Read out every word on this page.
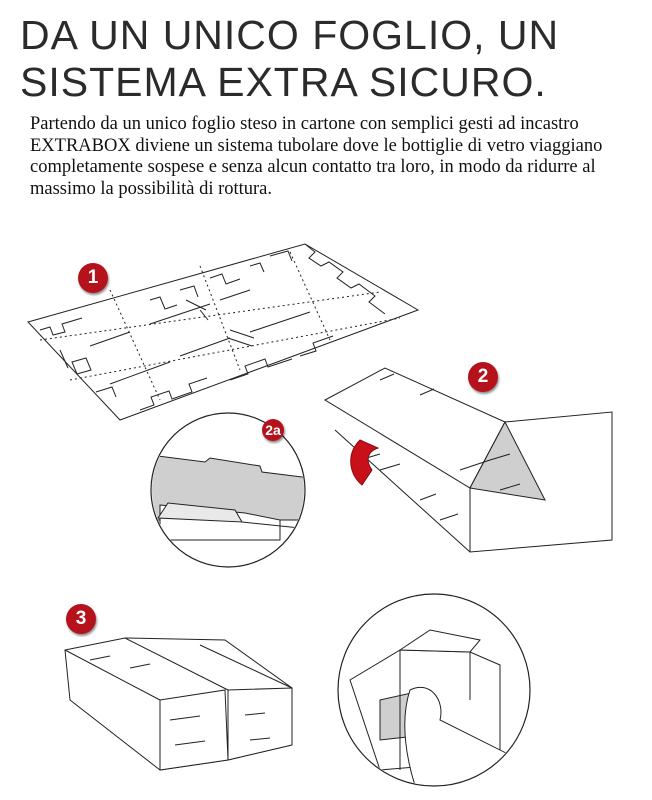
DA UN UNICO FOGLIO, UN
SISTEMA EXTRA SICURO.

Partendo da un unico foglio steso in cartone con semplici gesti ad incastro EXTRABOX diviene un sistema tubolare dove le bottiglie di vetro viaggiano completamente sospese e senza alcun contatto tra loro, in modo da ridurre al massimo la possibilità di rottura.

1
2
2a
3
